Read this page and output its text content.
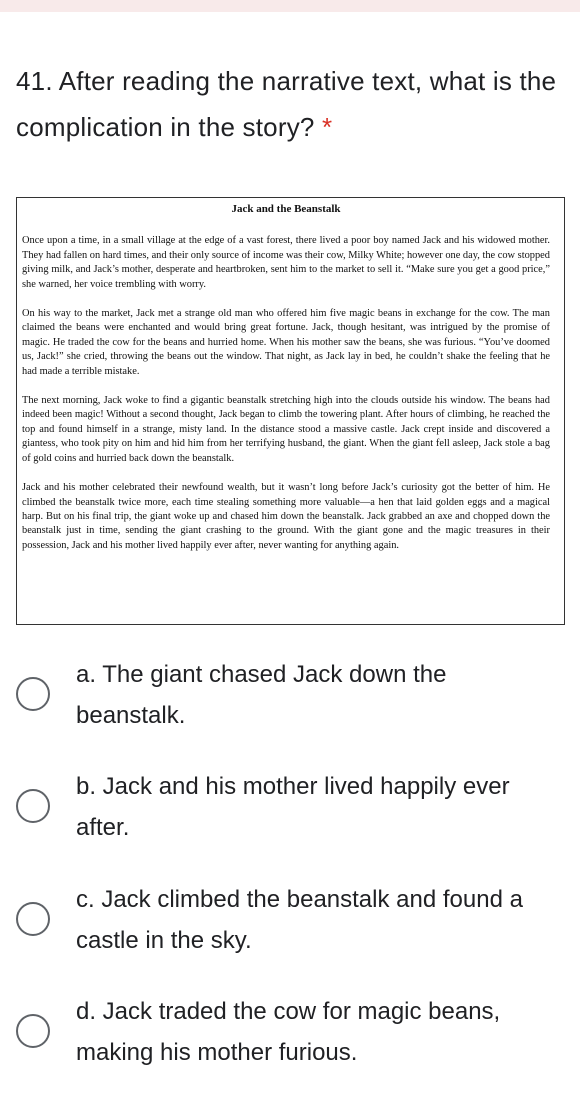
41. After reading the narrative text, what is the complication in the story? *
Jack and the Beanstalk

Once upon a time, in a small village at the edge of a vast forest, there lived a poor boy named Jack and his widowed mother. They had fallen on hard times, and their only source of income was their cow, Milky White; however one day, the cow stopped giving milk, and Jack’s mother, desperate and heartbroken, sent him to the market to sell it. “Make sure you get a good price,” she warned, her voice trembling with worry.

On his way to the market, Jack met a strange old man who offered him five magic beans in exchange for the cow. The man claimed the beans were enchanted and would bring great fortune. Jack, though hesitant, was intrigued by the promise of magic. He traded the cow for the beans and hurried home. When his mother saw the beans, she was furious. “You’ve doomed us, Jack!” she cried, throwing the beans out the window. That night, as Jack lay in bed, he couldn’t shake the feeling that he had made a terrible mistake.

The next morning, Jack woke to find a gigantic beanstalk stretching high into the clouds outside his window. The beans had indeed been magic! Without a second thought, Jack began to climb the towering plant. After hours of climbing, he reached the top and found himself in a strange, misty land. In the distance stood a massive castle. Jack crept inside and discovered a giantess, who took pity on him and hid him from her terrifying husband, the giant. When the giant fell asleep, Jack stole a bag of gold coins and hurried back down the beanstalk.

Jack and his mother celebrated their newfound wealth, but it wasn’t long before Jack’s curiosity got the better of him. He climbed the beanstalk twice more, each time stealing something more valuable—a hen that laid golden eggs and a magical harp. But on his final trip, the giant woke up and chased him down the beanstalk. Jack grabbed an axe and chopped down the beanstalk just in time, sending the giant crashing to the ground. With the giant gone and the magic treasures in their possession, Jack and his mother lived happily ever after, never wanting for anything again.

a. The giant chased Jack down the beanstalk.
b. Jack and his mother lived happily ever after.
c. Jack climbed the beanstalk and found a castle in the sky.
d. Jack traded the cow for magic beans, making his mother furious.
